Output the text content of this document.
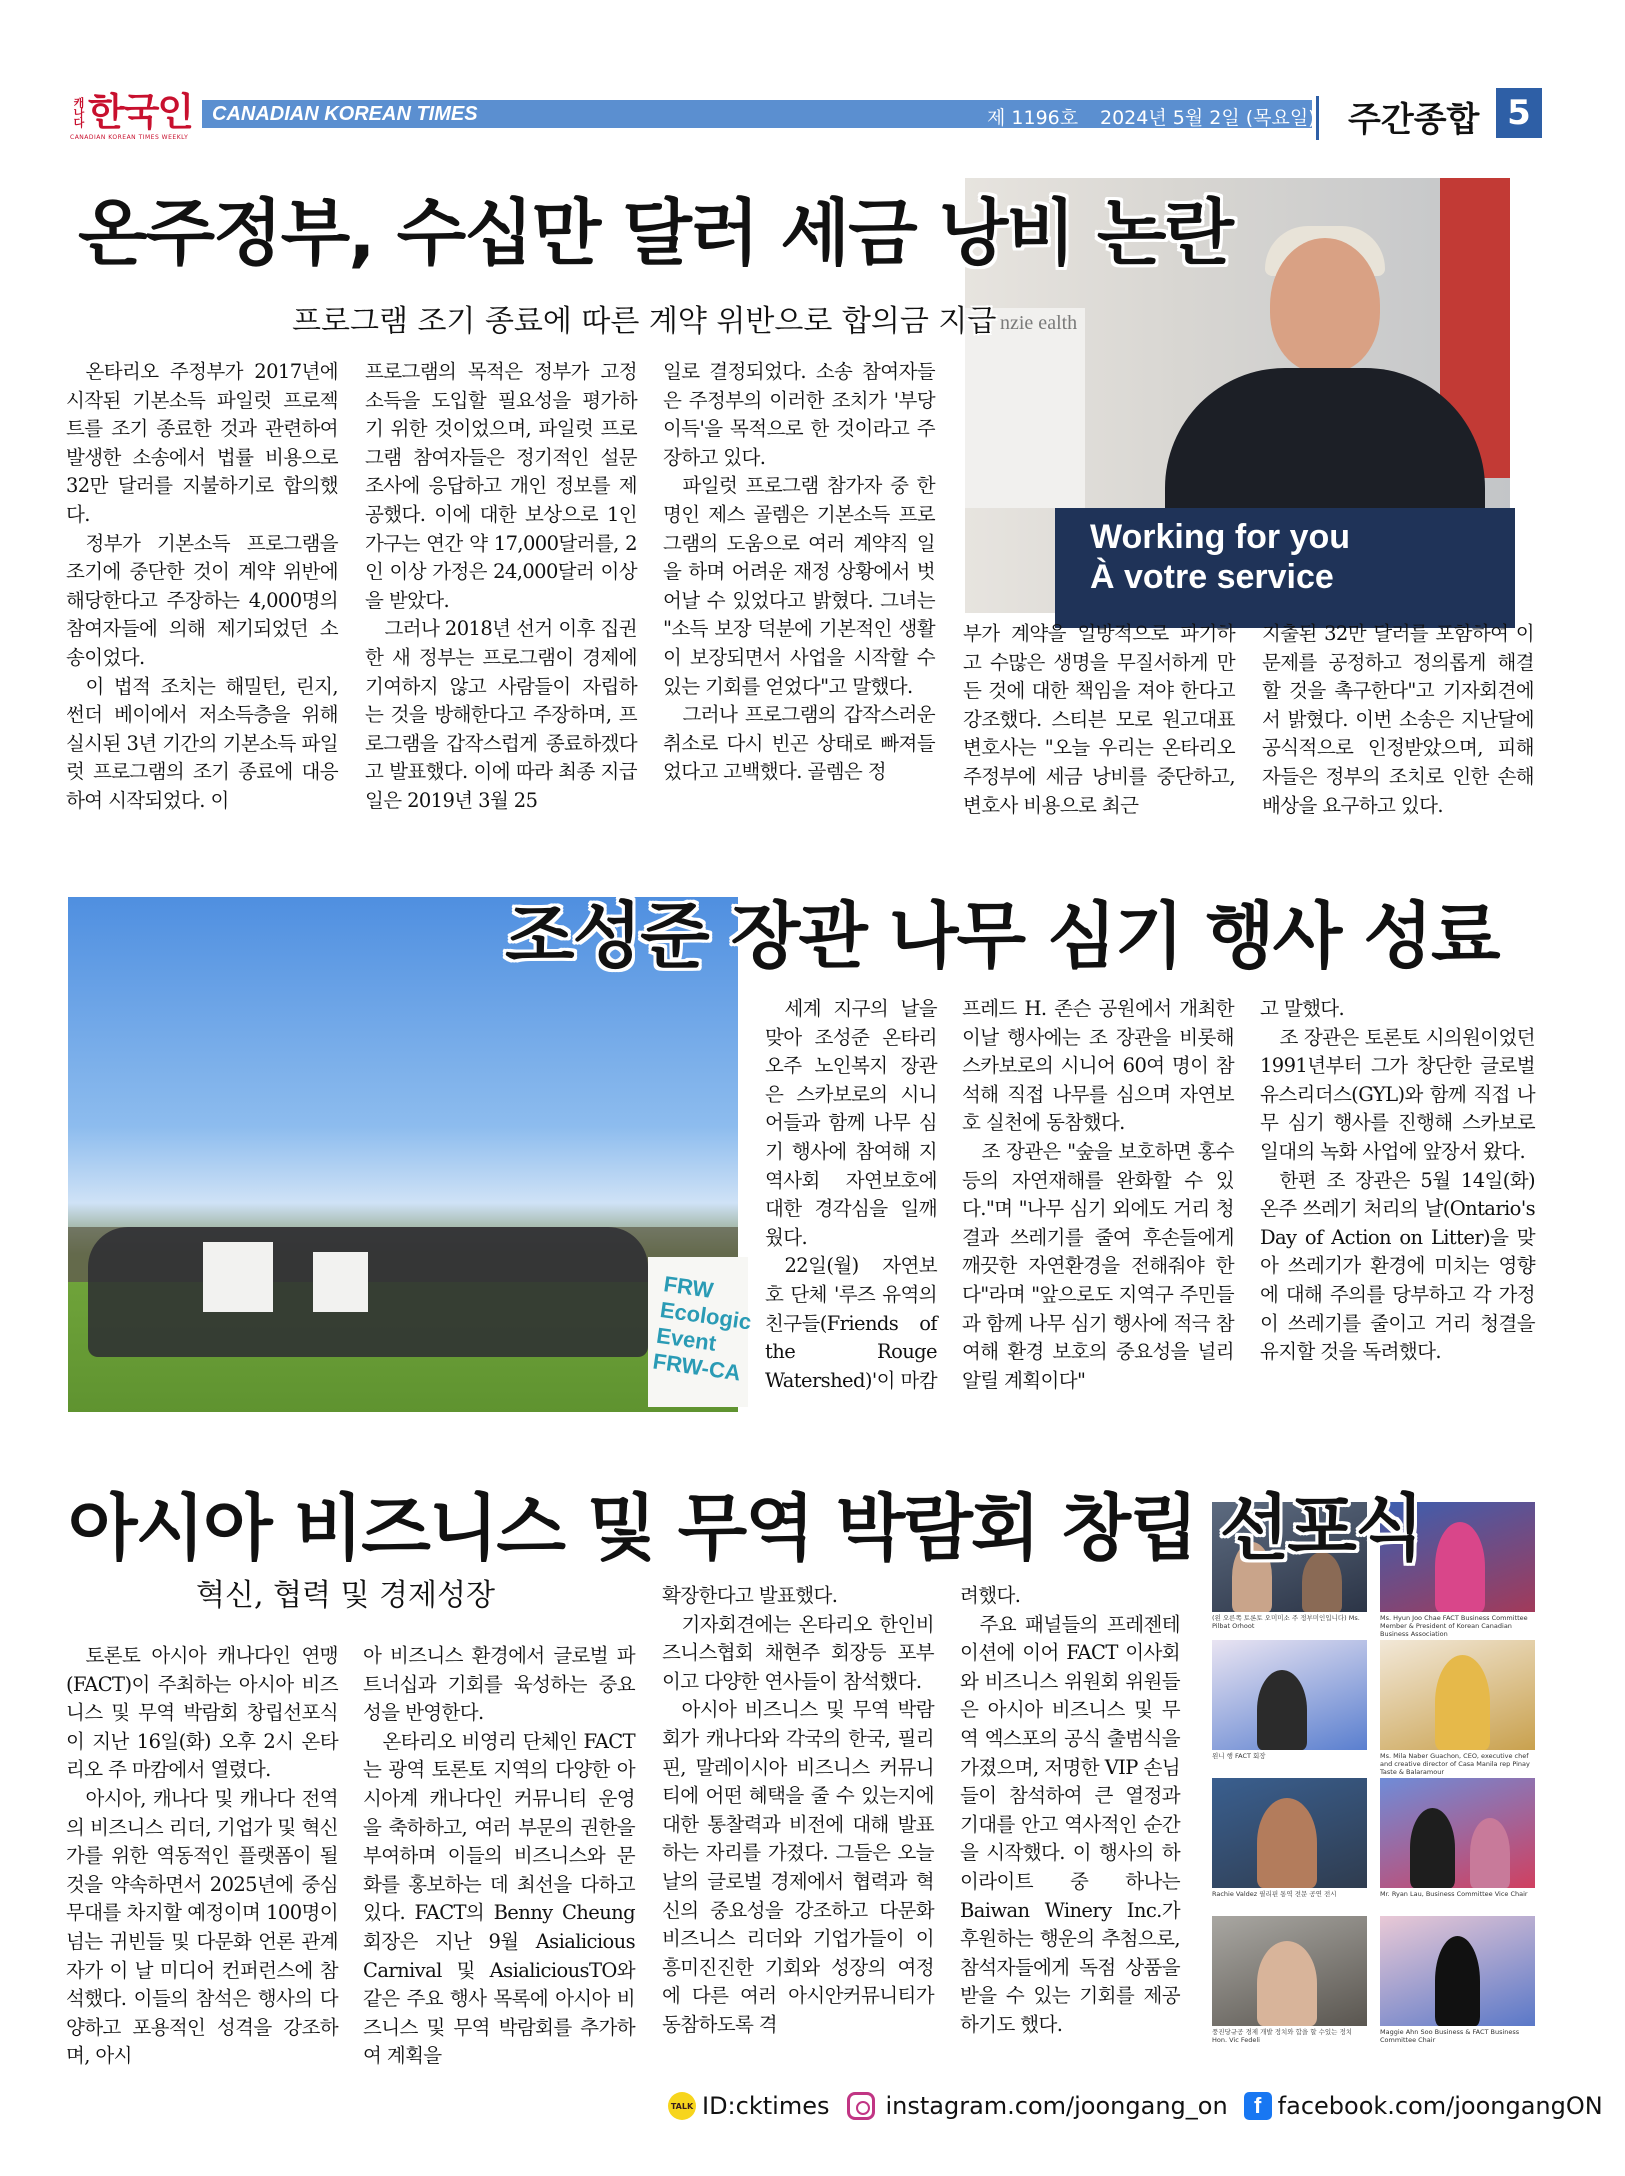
캐나다 한국인
CANADIAN KOREAN TIMES WEEKLY
CANADIAN KOREAN TIMES	제 1196호 2024년 5월 2일 (목요일) 주간종합 5
nzie ealth
Working for you
À votre service
온주정부, 수십만 달러 세금 낭비 논란
프로그램 조기 종료에 따른 계약 위반으로 합의금 지급

온타리오 주정부가 2017년에 시작된 기본소득 파일럿 프로젝트를 조기 종료한 것과 관련하여 발생한 소송에서 법률 비용으로 32만 달러를 지불하기로 합의했다.

정부가 기본소득 프로그램을 조기에 중단한 것이 계약 위반에 해당한다고 주장하는 4,000명의 참여자들에 의해 제기되었던 소송이었다.

이 법적 조치는 해밀턴, 린지, 썬더 베이에서 저소득층을 위해 실시된 3년 기간의 기본소득 파일럿 프로그램의 조기 종료에 대응하여 시작되었다. 이

프로그램의 목적은 정부가 고정 소득을 도입할 필요성을 평가하기 위한 것이었으며, 파일럿 프로그램 참여자들은 정기적인 설문조사에 응답하고 개인 정보를 제공했다. 이에 대한 보상으로 1인 가구는 연간 약 17,000달러를, 2인 이상 가정은 24,000달러 이상을 받았다.

그러나 2018년 선거 이후 집권한 새 정부는 프로그램이 경제에 기여하지 않고 사람들이 자립하는 것을 방해한다고 주장하며, 프로그램을 갑작스럽게 종료하겠다고 발표했다. 이에 따라 최종 지급일은 2019년 3월 25

일로 결정되었다. 소송 참여자들은 주정부의 이러한 조치가 '부당 이득'을 목적으로 한 것이라고 주장하고 있다.

파일럿 프로그램 참가자 중 한 명인 제스 골렘은 기본소득 프로그램의 도움으로 여러 계약직 일을 하며 어려운 재정 상황에서 벗어날 수 있었다고 밝혔다. 그녀는 "소득 보장 덕분에 기본적인 생활이 보장되면서 사업을 시작할 수 있는 기회를 얻었다"고 말했다.

그러나 프로그램의 갑작스러운 취소로 다시 빈곤 상태로 빠져들었다고 고백했다. 골렘은 정

부가 계약을 일방적으로 파기하고 수많은 생명을 무질서하게 만든 것에 대한 책임을 져야 한다고 강조했다. 스티븐 모로 원고대표 변호사는 "오늘 우리는 온타리오 주정부에 세금 낭비를 중단하고, 변호사 비용으로 최근

지출된 32만 달러를 포함하여 이 문제를 공정하고 정의롭게 해결할 것을 촉구한다"고 기자회견에서 밝혔다. 이번 소송은 지난달에 공식적으로 인정받았으며, 피해자들은 정부의 조치로 인한 손해 배상을 요구하고 있다.

FRW Ecologic Event FRW-CA
조성준 장관 나무 심기 행사 성료

세계 지구의 날을 맞아 조성준 온타리오주 노인복지 장관은 스카보로의 시니어들과 함께 나무 심기 행사에 참여해 지역사회 자연보호에 대한 경각심을 일깨웠다.

22일(월) 자연보호 단체 '루즈 유역의 친구들(Friends of the Rouge Watershed)'이 마캄

프레드 H. 존슨 공원에서 개최한 이날 행사에는 조 장관을 비롯해 스카보로의 시니어 60여 명이 참석해 직접 나무를 심으며 자연보호 실천에 동참했다.

조 장관은 "숲을 보호하면 홍수 등의 자연재해를 완화할 수 있다."며 "나무 심기 외에도 거리 청결과 쓰레기를 줄여 후손들에게 깨끗한 자연환경을 전해줘야 한다"라며 "앞으로도 지역구 주민들과 함께 나무 심기 행사에 적극 참여해 환경 보호의 중요성을 널리 알릴 계획이다"

고 말했다.

조 장관은 토론토 시의원이었던 1991년부터 그가 창단한 글로벌유스리더스(GYL)와 함께 직접 나무 심기 행사를 진행해 스카보로 일대의 녹화 사업에 앞장서 왔다.

한편 조 장관은 5월 14일(화) 온주 쓰레기 처리의 날(Ontario's Day of Action on Litter)을 맞아 쓰레기가 환경에 미치는 영향에 대해 주의를 당부하고 각 가정이 쓰레기를 줄이고 거리 청결을 유지할 것을 독려했다.

아시아 비즈니스 및 무역 박람회 창립 선포식
혁신, 협력 및 경제성장

토론토 아시아 캐나다인 연맹(FACT)이 주최하는 아시아 비즈니스 및 무역 박람회 창립선포식이 지난 16일(화) 오후 2시 온타리오 주 마캄에서 열렸다.

아시아, 캐나다 및 캐나다 전역의 비즈니스 리더, 기업가 및 혁신가를 위한 역동적인 플랫폼이 될 것을 약속하면서 2025년에 중심 무대를 차지할 예정이며 100명이 넘는 귀빈들 및 다문화 언론 관계자가 이 날 미디어 컨퍼런스에 참석했다. 이들의 참석은 행사의 다양하고 포용적인 성격을 강조하며, 아시

아 비즈니스 환경에서 글로벌 파트너십과 기회를 육성하는 중요성을 반영한다.

온타리오 비영리 단체인 FACT는 광역 토론토 지역의 다양한 아시아계 캐나다인 커뮤니티 운영을 축하하고, 여러 부문의 권한을 부여하며 이들의 비즈니스와 문화를 홍보하는 데 최선을 다하고 있다. FACT의 Benny Cheung 회장은 지난 9월 Asialicious Carnival 및 AsialiciousTO와 같은 주요 행사 목록에 아시아 비즈니스 및 무역 박람회를 추가하여 계획을

확장한다고 발표했다.

기자회견에는 온타리오 한인비즈니스협회 채현주 회장등 포부 이고 다양한 연사들이 참석했다.

아시아 비즈니스 및 무역 박람회가 캐나다와 각국의 한국, 필리핀, 말레이시아 비즈니스 커뮤니티에 어떤 혜택을 줄 수 있는지에 대한 통찰력과 비전에 대해 발표하는 자리를 가졌다. 그들은 오늘날의 글로벌 경제에서 협력과 혁신의 중요성을 강조하고 다문화 비즈니스 리더와 기업가들이 이 흥미진진한 기회와 성장의 여정에 다른 여러 아시안커뮤니티가 동참하도록 격

려했다.

주요 패널들의 프레젠테이션에 이어 FACT 이사회와 비즈니스 위원회 위원들은 아시아 비즈니스 및 무역 엑스포의 공식 출범식을 가졌으며, 저명한 VIP 손님들이 참석하여 큰 열정과 기대를 안고 역사적인 순간을 시작했다. 이 행사의 하이라이트 중 하나는 Baiwan Winery Inc.가 후원하는 행운의 추첨으로, 참석자들에게 독점 상품을 받을 수 있는 기회를 제공하기도 했다.

(왼 오른쪽 토론토 오미미소 주 정부미인입니다) Ms. Pilbat Orhoot
Ms. Hyun Joo Chae FACT Business Committee Member & President of Korean Canadian Business Association
왼니 행 FACT 회장	Ms. Mila Naber Guachon, CEO, executive chef and creative director of Casa Manila rep Pinay Taste & Balaramour
Rachie Valdez 필리핀 통역 전문 공연 전시	Mr. Ryan Lau, Business Committee Vice Chair
풍진당규공 경제 개발 정치와 합을 할 수있는 정치 Hon. Vic Fedeli
Maggie Ahn Soo Business & FACT Business Committee Chair
TALK ID:cktimes instagram.com/joongang_on	f facebook.com/joongangON
